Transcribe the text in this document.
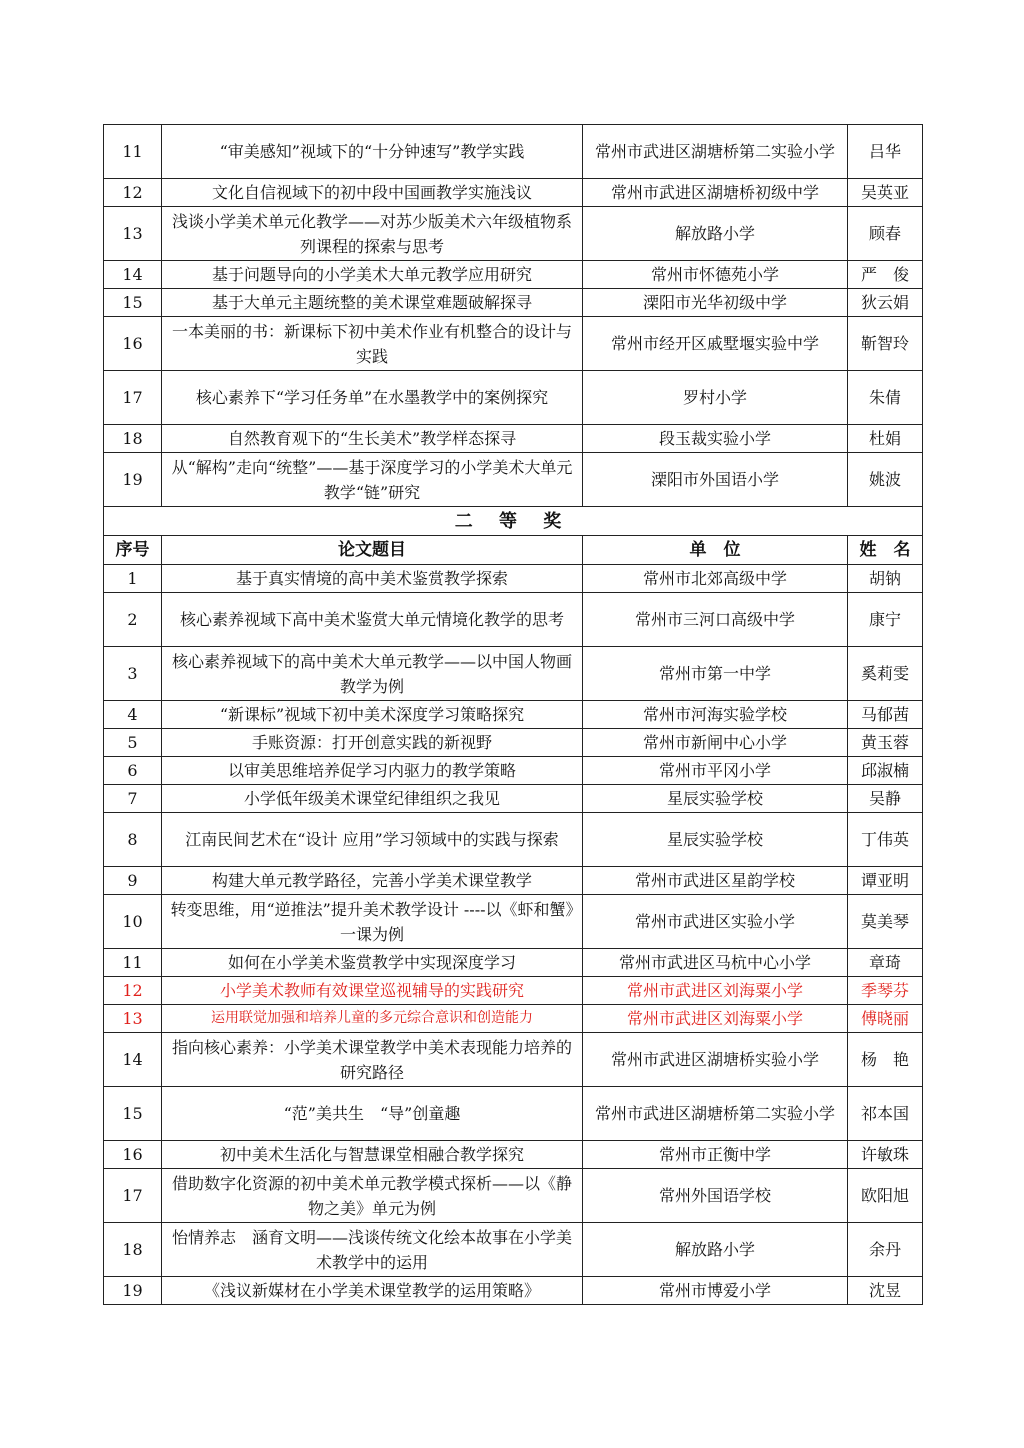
11	“审美感知”视域下的“十分钟速写”教学实践	常州市武进区湖塘桥第二实验小学	吕华
12	文化自信视域下的初中段中国画教学实施浅议	常州市武进区湖塘桥初级中学	吴英亚
13	浅谈小学美术单元化教学——对苏少版美术六年级植物系列课程的探索与思考	解放路小学	顾春
14	基于问题导向的小学美术大单元教学应用研究	常州市怀德苑小学	严　俊
15	基于大单元主题统整的美术课堂难题破解探寻	溧阳市光华初级中学	狄云娟
16	一本美丽的书：新课标下初中美术作业有机整合的设计与实践	常州市经开区戚墅堰实验中学	靳智玲
17	核心素养下“学习任务单”在水墨教学中的案例探究	罗村小学	朱倩
18	自然教育观下的“生长美术”教学样态探寻	段玉裁实验小学	杜娟
19	从“解构”走向“统整”——基于深度学习的小学美术大单元教学“链”研究	溧阳市外国语小学	姚波
二 等 奖			
序号	论文题目	单　位	姓　名
1	基于真实情境的高中美术鉴赏教学探索	常州市北郊高级中学	胡钠
2	核心素养视域下高中美术鉴赏大单元情境化教学的思考	常州市三河口高级中学	康宁
3	核心素养视域下的高中美术大单元教学——以中国人物画教学为例	常州市第一中学	奚莉雯
4	“新课标”视域下初中美术深度学习策略探究	常州市河海实验学校	马郁茜
5	手账资源：打开创意实践的新视野	常州市新闸中心小学	黄玉蓉
6	以审美思维培养促学习内驱力的教学策略	常州市平冈小学	邱淑楠
7	小学低年级美术课堂纪律组织之我见	星辰实验学校	吴静
8	江南民间艺术在“设计 应用”学习领域中的实践与探索	星辰实验学校	丁伟英
9	构建大单元教学路径，完善小学美术课堂教学	常州市武进区星韵学校	谭亚明
10	转变思维，用“逆推法”提升美术教学设计 ----以《虾和蟹》一课为例	常州市武进区实验小学	莫美琴
11	如何在小学美术鉴赏教学中实现深度学习	常州市武进区马杭中心小学	章琦
12	小学美术教师有效课堂巡视辅导的实践研究	常州市武进区刘海粟小学	季琴芬
13	运用联觉加强和培养儿童的多元综合意识和创造能力	常州市武进区刘海粟小学	傅晓丽
14	指向核心素养：小学美术课堂教学中美术表现能力培养的研究路径	常州市武进区湖塘桥实验小学	杨　艳
15	“范”美共生　“导”创童趣	常州市武进区湖塘桥第二实验小学	祁本国
16	初中美术生活化与智慧课堂相融合教学探究	常州市正衡中学	许敏珠
17	借助数字化资源的初中美术单元教学模式探析——以《静物之美》单元为例	常州外国语学校	欧阳旭
18	怡情养志　涵育文明——浅谈传统文化绘本故事在小学美术教学中的运用	解放路小学	余丹
19	《浅议新媒材在小学美术课堂教学的运用策略》	常州市博爱小学	沈昱
